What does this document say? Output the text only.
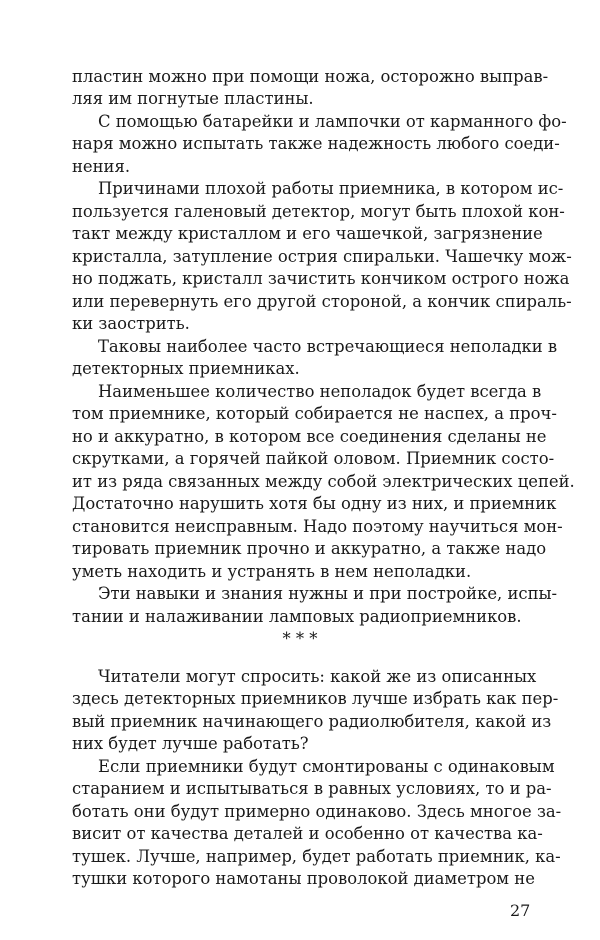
пластин можно при помощи ножа, осторожно выправ-
ляя им погнутые пластины.
С помощью батарейки и лампочки от карманного фо-
наря можно испытать также надежность любого соеди-
нения.
Причинами плохой работы приемника, в котором ис-
пользуется галеновый детектор, могут быть плохой кон-
такт между кристаллом и его чашечкой, загрязнение
кристалла, затупление острия спиральки. Чашечку мож-
но поджать, кристалл зачистить кончиком острого ножа
или перевернуть его другой стороной, а кончик спираль-
ки заострить.
Таковы наиболее часто встречающиеся неполадки в
детекторных приемниках.
Наименьшее количество неполадок будет всегда в
том приемнике, который собирается не наспех, а проч-
но и аккуратно, в котором все соединения сделаны не
скрутками, а горячей пайкой оловом. Приемник состо-
ит из ряда связанных между собой электрических цепей.
Достаточно нарушить хотя бы одну из них, и приемник
становится неисправным. Надо поэтому научиться мон-
тировать приемник прочно и аккуратно, а также надо
уметь находить и устранять в нем неполадки.
Эти навыки и знания нужны и при постройке, испы-
тании и налаживании ламповых радиоприемников.
* * *
Читатели могут спросить: какой же из описанных
здесь детекторных приемников лучше избрать как пер-
вый приемник начинающего радиолюбителя, какой из
них будет лучше работать?
Если приемники будут смонтированы с одинаковым
старанием и испытываться в равных условиях, то и ра-
ботать они будут примерно одинаково. Здесь многое за-
висит от качества деталей и особенно от качества ка-
тушек. Лучше, например, будет работать приемник, ка-
тушки которого намотаны проволокой диаметром не
27
